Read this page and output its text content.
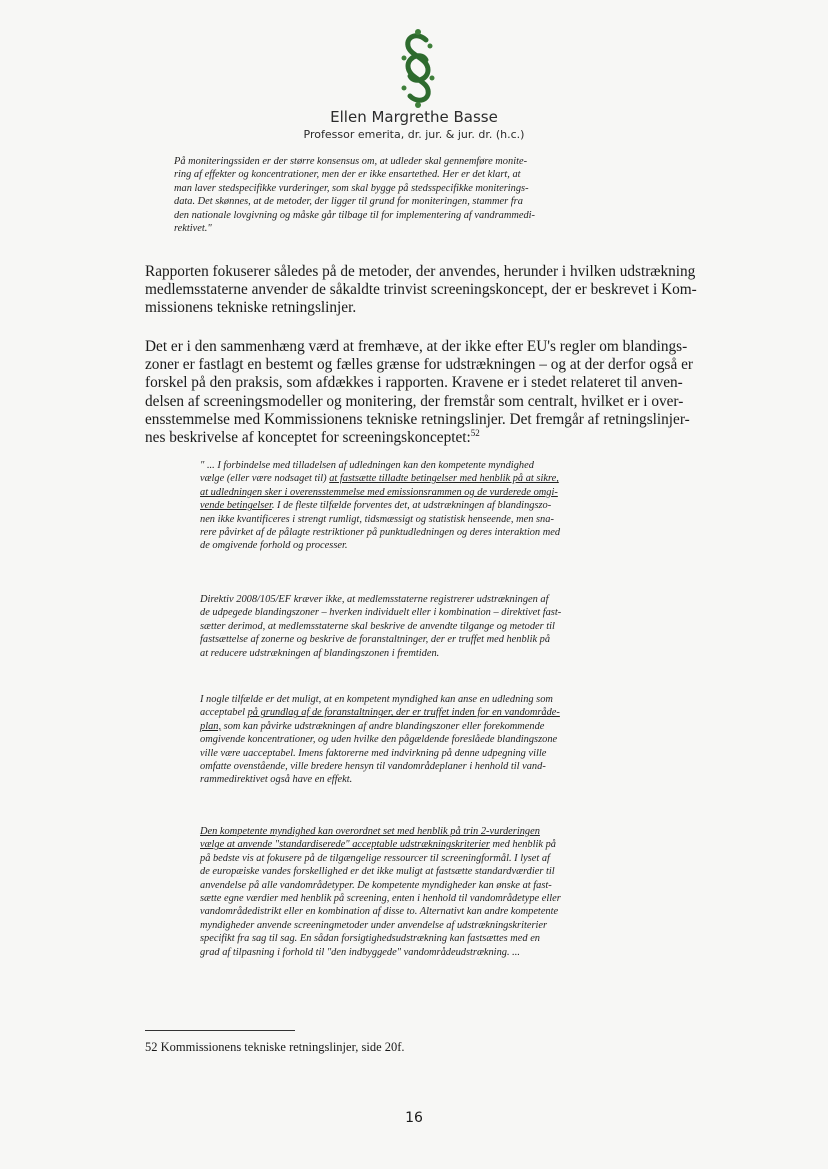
Ellen Margrethe Basse
Professor emerita, dr. jur. & jur. dr. (h.c.)

På moniteringssiden er der større konsensus om, at udleder skal gennemføre monite-

ring af effekter og koncentrationer, men der er ikke ensartethed. Her er det klart, at

man laver stedspecifikke vurderinger, som skal bygge på stedsspecifikke moniterings-

data. Det skønnes, at de metoder, der ligger til grund for moniteringen, stammer fra

den nationale lovgivning og måske går tilbage til for implementering af vandrammedi-

rektivet."

Rapporten fokuserer således på de metoder, der anvendes, herunder i hvilken udstrækning
medlemsstaterne anvender de såkaldte trinvist screeningskoncept, der er beskrevet i Kom-
missionens tekniske retningslinjer.
Det er i den sammenhæng værd at fremhæve, at der ikke efter EU's regler om blandings-
zoner er fastlagt en bestemt og fælles grænse for udstrækningen – og at der derfor også er
forskel på den praksis, som afdækkes i rapporten. Kravene er i stedet relateret til anven-
delsen af screeningsmodeller og monitering, der fremstår som centralt, hvilket er i over-
ensstemmelse med Kommissionens tekniske retningslinjer. Det fremgår af retningslinjer-
nes beskrivelse af konceptet for screeningskonceptet:$^{52}$

" ... I forbindelse med tilladelsen af udledningen kan den kompetente myndighed

vælge (eller være nodsaget til) at fastsætte tilladte betingelser med henblik på at sikre,

at udledningen sker i overensstemmelse med emissionsrammen og de vurderede omgi-

vende betingelser. I de fleste tilfælde forventes det, at udstrækningen af blandingszo-

nen ikke kvantificeres i strengt rumligt, tidsmæssigt og statistisk henseende, men sna-

rere påvirket af de pålagte restriktioner på punktudledningen og deres interaktion med

de omgivende forhold og processer.

Direktiv 2008/105/EF kræver ikke, at medlemsstaterne registrerer udstrækningen af

de udpegede blandingszoner – hverken individuelt eller i kombination – direktivet fast-

sætter derimod, at medlemsstaterne skal beskrive de anvendte tilgange og metoder til

fastsættelse af zonerne og beskrive de foranstaltninger, der er truffet med henblik på

at reducere udstrækningen af blandingszonen i fremtiden.

I nogle tilfælde er det muligt, at en kompetent myndighed kan anse en udledning som

acceptabel på grundlag af de foranstaltninger, der er truffet inden for en vandområde-

plan, som kan påvirke udstrækningen af andre blandingszoner eller forekommende

omgivende koncentrationer, og uden hvilke den pågældende foreslåede blandingszone

ville være uacceptabel. Imens faktorerne med indvirkning på denne udpegning ville

omfatte ovenstående, ville bredere hensyn til vandområdeplaner i henhold til vand-

rammedirektivet også have en effekt.

Den kompetente myndighed kan overordnet set med henblik på trin 2-vurderingen

vælge at anvende "standardiserede" acceptable udstrækningskriterier med henblik på

på bedste vis at fokusere på de tilgængelige ressourcer til screeningformål. I lyset af

de europæiske vandes forskellighed er det ikke muligt at fastsætte standardværdier til

anvendelse på alle vandområdetyper. De kompetente myndigheder kan ønske at fast-

sætte egne værdier med henblik på screening, enten i henhold til vandområdetype eller

vandområdedistrikt eller en kombination af disse to. Alternativt kan andre kompetente

myndigheder anvende screeningmetoder under anvendelse af udstrækningskriterier

specifikt fra sag til sag. En sådan forsigtighedsudstrækning kan fastsættes med en

grad af tilpasning i forhold til "den indbyggede" vandområdeudstrækning. ...

52 Kommissionens tekniske retningslinjer, side 20f.
16
